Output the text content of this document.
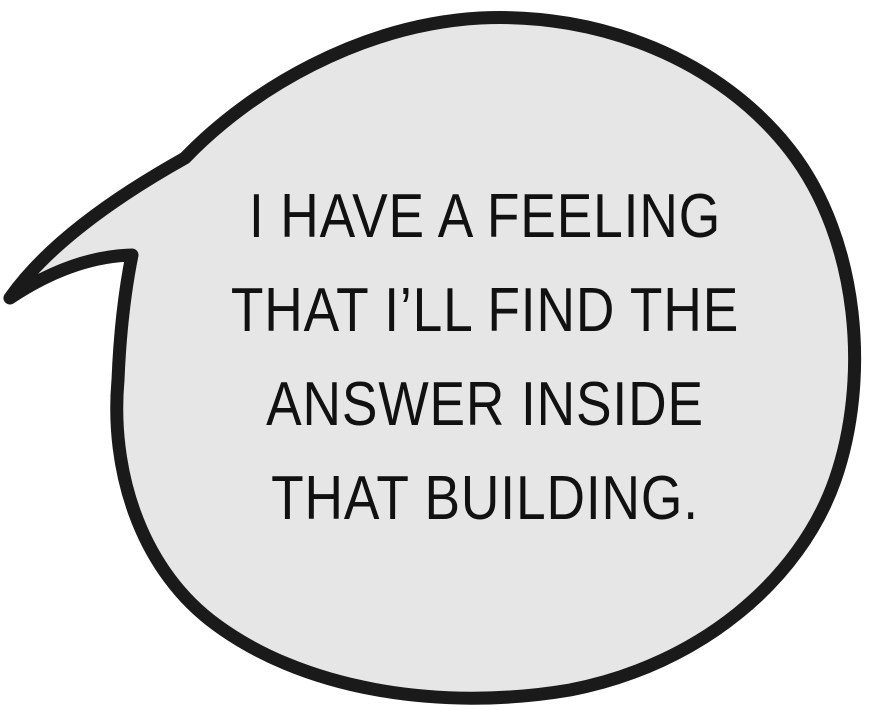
I HAVE A FEELING
THAT I’LL FIND THE
ANSWER INSIDE
THAT BUILDING.
